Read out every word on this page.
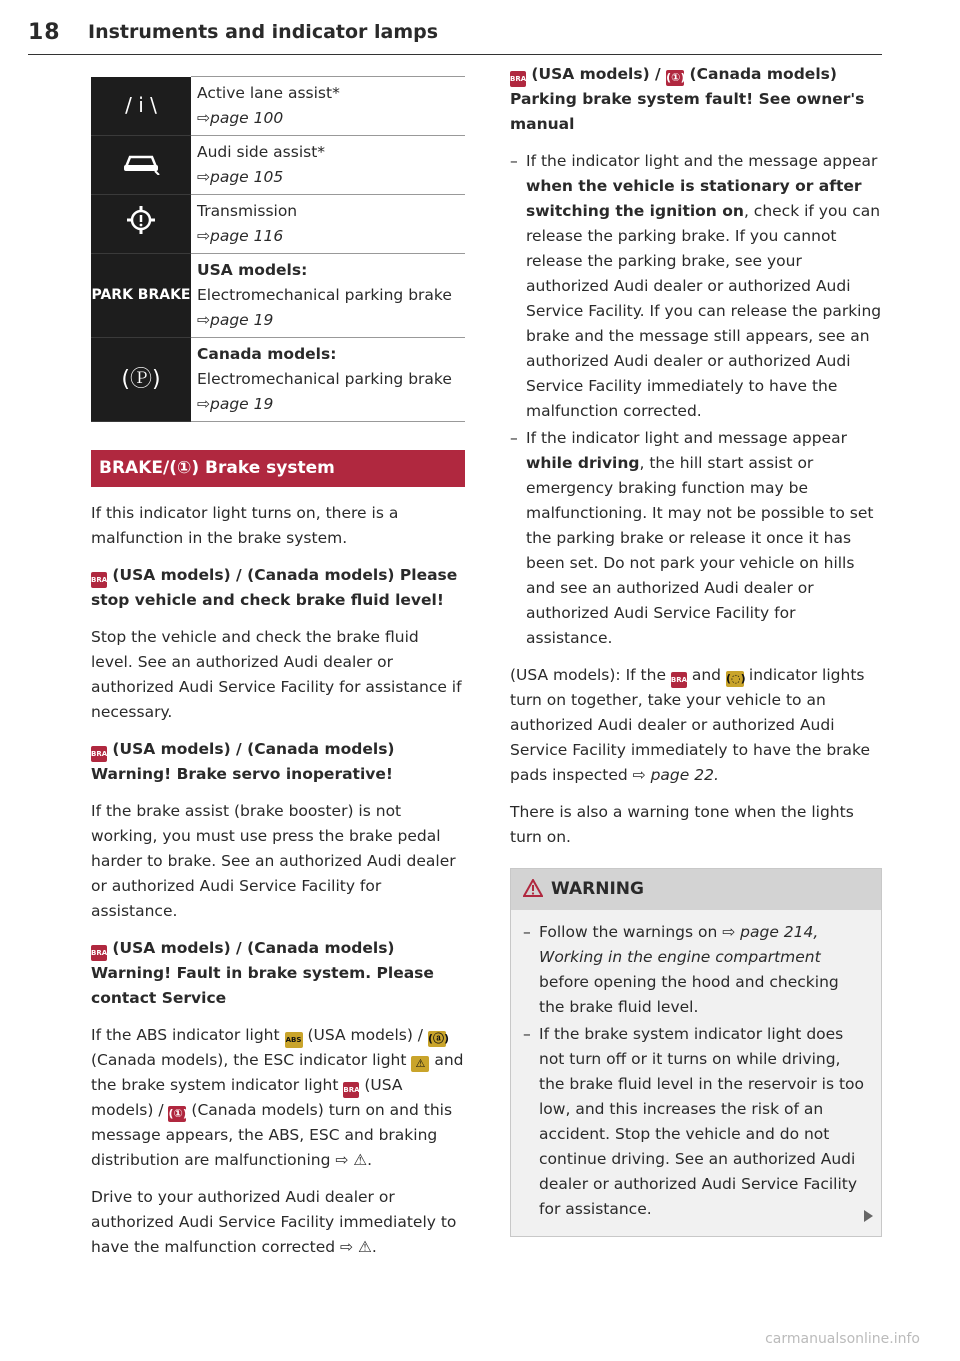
18 Instruments and indicator lamps
/ i \	Active lane assist*
⇨page 100

Audi side assist*
⇨page 105

Transmission
⇨page 116

PARK BRAKE	USA models:
Electromechanical parking brake
⇨page 19

(Ⓟ)	Canada models:
Electromechanical parking brake
⇨page 19
BRAKE/(①) Brake system

If this indicator light turns on, there is a malfunction in the brake system.

BRAKE (USA models) / (Canada models) Please stop vehicle and check brake fluid level!

Stop the vehicle and check the brake fluid level. See an authorized Audi dealer or authorized Audi Service Facility for assistance if necessary.

BRAKE (USA models) / (Canada models) Warning! Brake servo inoperative!

If the brake assist (brake booster) is not working, you must use press the brake pedal harder to brake. See an authorized Audi dealer or authorized Audi Service Facility for assistance.

BRAKE (USA models) / (Canada models) Warning! Fault in brake system. Please contact Service

If the ABS indicator light ABS (USA models) / (ⓐ) (Canada models), the ESC indicator light ⚠ and the brake system indicator light BRAKE (USA models) / (①) (Canada models) turn on and this message appears, the ABS, ESC and braking distribution are malfunctioning ⇨ ⚠.

Drive to your authorized Audi dealer or authorized Audi Service Facility immediately to have the malfunction corrected ⇨ ⚠.

BRAKE (USA models) / (①) (Canada models) Parking brake system fault! See owner's manual

– If the indicator light and the message appear when the vehicle is stationary or after switching the ignition on, check if you can release the parking brake. If you cannot release the parking brake, see your authorized Audi dealer or authorized Audi Service Facility. If you can release the parking brake and the message still appears, see an authorized Audi dealer or authorized Audi Service Facility immediately to have the malfunction corrected.
– If the indicator light and message appear while driving, the hill start assist or emergency braking function may be malfunctioning. It may not be possible to set the parking brake or release it once it has been set. Do not park your vehicle on hills and see an authorized Audi dealer or authorized Audi Service Facility for assistance.

(USA models): If the BRAKE and (◌) indicator lights turn on together, take your vehicle to an authorized Audi dealer or authorized Audi Service Facility immediately to have the brake pads inspected ⇨ page 22.

There is also a warning tone when the lights turn on.

WARNING
– Follow the warnings on ⇨ page 214, Working in the engine compartment before opening the hood and checking the brake fluid level.
– If the brake system indicator light does not turn off or it turns on while driving, the brake fluid level in the reservoir is too low, and this increases the risk of an accident. Stop the vehicle and do not continue driving. See an authorized Audi dealer or authorized Audi Service Facility for assistance.
carmanualsonline.info
